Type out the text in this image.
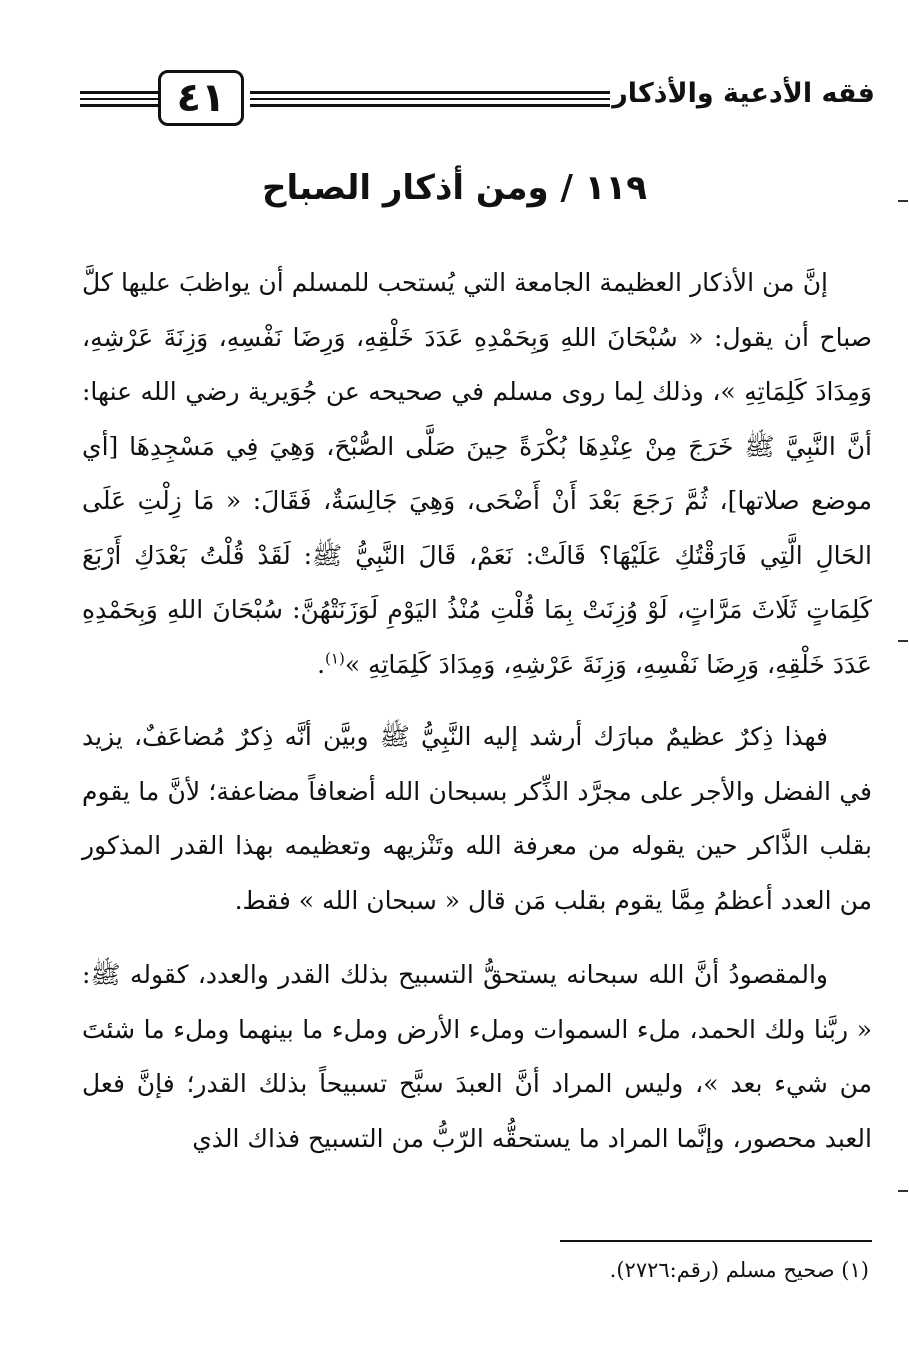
٤١	فقه الأدعية والأذكار
١١٩ / ومن أذكار الصباح

إنَّ من الأذكار العظيمة الجامعة التي يُستحب للمسلم أن يواظبَ عليها كلَّ صباح أن يقول: « سُبْحَانَ اللهِ وَبِحَمْدِهِ عَدَدَ خَلْقِهِ، وَرِضَا نَفْسِهِ، وَزِنَةَ عَرْشِهِ، وَمِدَادَ كَلِمَاتِهِ »، وذلك لِما روى مسلم في صحيحه عن جُوَيرية رضي الله عنها: أنَّ النَّبِيَّ ﷺ خَرَجَ مِنْ عِنْدِهَا بُكْرَةً حِينَ صَلَّى الصُّبْحَ، وَهِيَ فِي مَسْجِدِهَا [أي موضع صلاتها]، ثُمَّ رَجَعَ بَعْدَ أَنْ أَضْحَى، وَهِيَ جَالِسَةٌ، فَقَالَ: « مَا زِلْتِ عَلَى الحَالِ الَّتِي فَارَقْتُكِ عَلَيْهَا؟ قَالَتْ: نَعَمْ، قَالَ النَّبِيُّ ﷺ: لَقَدْ قُلْتُ بَعْدَكِ أَرْبَعَ كَلِمَاتٍ ثَلَاثَ مَرَّاتٍ، لَوْ وُزِنَتْ بِمَا قُلْتِ مُنْذُ اليَوْمِ لَوَزَنَتْهُنَّ: سُبْحَانَ اللهِ وَبِحَمْدِهِ عَدَدَ خَلْقِهِ، وَرِضَا نَفْسِهِ، وَزِنَةَ عَرْشِهِ، وَمِدَادَ كَلِمَاتِهِ »$^{(١)}$.

فهذا ذِكرٌ عظيمٌ مبارَك أرشد إليه النَّبِيُّ ﷺ وبيَّن أنَّه ذِكرٌ مُضاعَفٌ، يزيد في الفضل والأجر على مجرَّد الذِّكر بسبحان الله أضعافاً مضاعفة؛ لأنَّ ما يقوم بقلب الذَّاكر حين يقوله من معرفة الله وتَنْزيهه وتعظيمه بهذا القدر المذكور من العدد أعظمُ مِمَّا يقوم بقلب مَن قال « سبحان الله » فقط.

والمقصودُ أنَّ الله سبحانه يستحقُّ التسبيح بذلك القدر والعدد، كقوله ﷺ: « ربَّنا ولك الحمد، ملء السموات وملء الأرض وملء ما بينهما وملء ما شئتَ من شيء بعد »، وليس المراد أنَّ العبدَ سبَّح تسبيحاً بذلك القدر؛ فإنَّ فعل العبد محصور، وإنَّما المراد ما يستحقُّه الرّبُّ من التسبيح فذاك الذي

(١) صحيح مسلم (رقم:٢٧٢٦).
